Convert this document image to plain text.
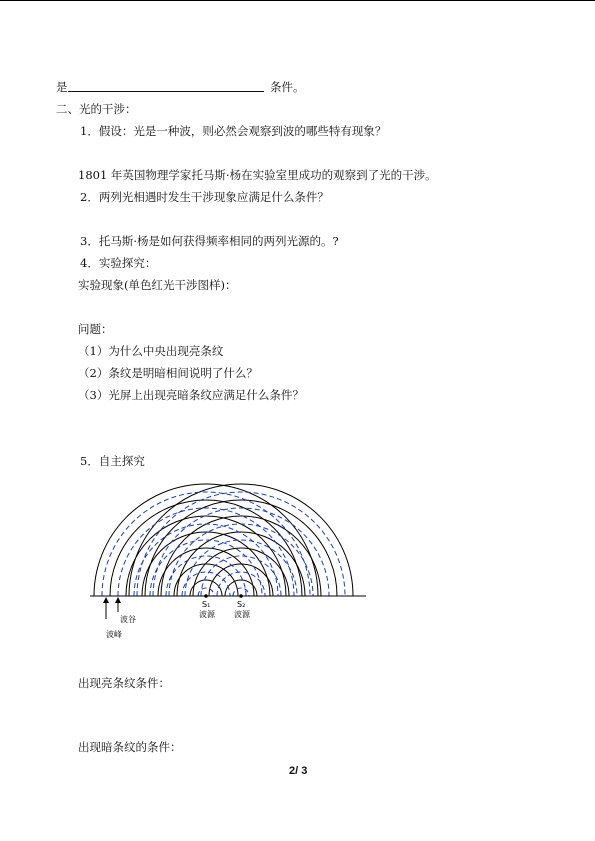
是	条件。
二、光的干涉：
1．假设：光是一种波，则必然会观察到波的哪些特有现象？
1801 年英国物理学家托马斯·杨在实验室里成功的观察到了光的干涉。
2．两列光相遇时发生干涉现象应满足什么条件？
3．托马斯·杨是如何获得频率相同的两列光源的。?
4．实验探究：
实验现象(单色红光干涉图样)：
问题：
（1）为什么中央出现亮条纹
（2）条纹是明暗相间说明了什么？
（3）光屏上出现亮暗条纹应满足什么条件？
5．自主探究
波谷
波峰
S₁
波源
S₂
波源
出现亮条纹条件：
出现暗条纹的条件：
2/ 3
